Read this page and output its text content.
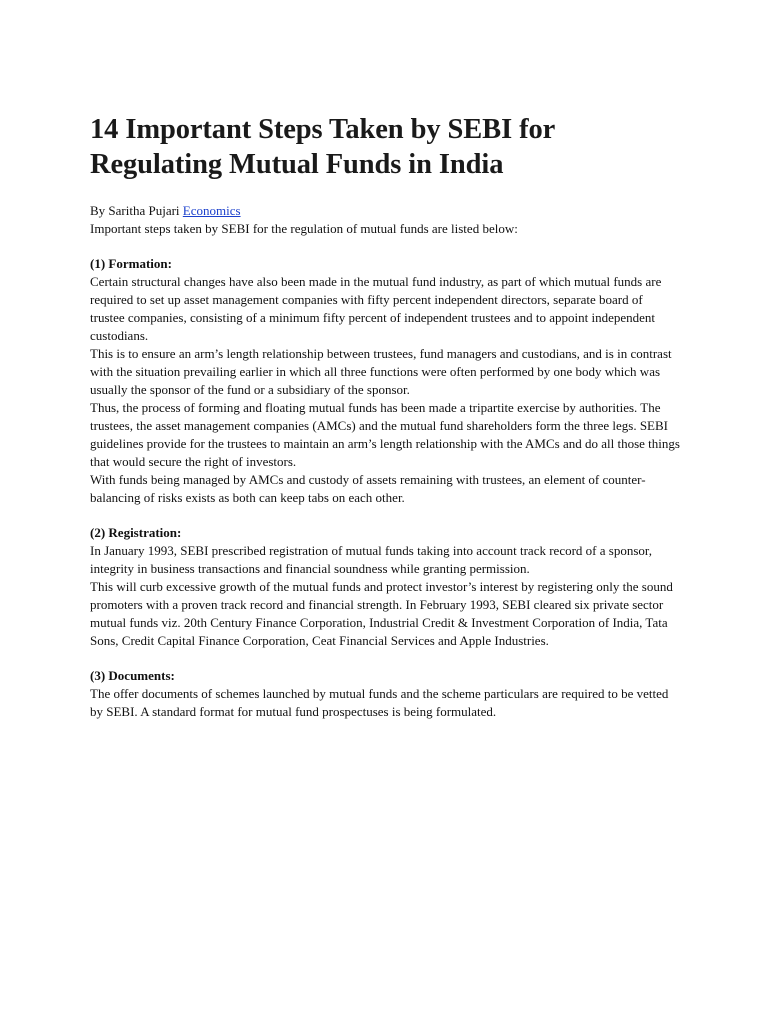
14 Important Steps Taken by SEBI for Regulating Mutual Funds in India
By Saritha Pujari Economics

Important steps taken by SEBI for the regulation of mutual funds are listed below:

(1) Formation:

Certain structural changes have also been made in the mutual fund industry, as part of which mutual funds are required to set up asset management companies with fifty percent independent directors, separate board of trustee companies, consisting of a minimum fifty percent of independent trustees and to appoint independent custodians.

This is to ensure an arm’s length relationship between trustees, fund managers and custodians, and is in contrast with the situation prevailing earlier in which all three functions were often performed by one body which was usually the sponsor of the fund or a subsidiary of the sponsor.

Thus, the process of forming and floating mutual funds has been made a tripartite exercise by authorities. The trustees, the asset management companies (AMCs) and the mutual fund shareholders form the three legs. SEBI guidelines provide for the trustees to maintain an arm’s length relationship with the AMCs and do all those things that would secure the right of investors.

With funds being managed by AMCs and custody of assets remaining with trustees, an element of counter-balancing of risks exists as both can keep tabs on each other.

(2) Registration:

In January 1993, SEBI prescribed registration of mutual funds taking into account track record of a sponsor, integrity in business transactions and financial soundness while granting permission.

This will curb excessive growth of the mutual funds and protect investor’s interest by registering only the sound promoters with a proven track record and financial strength. In February 1993, SEBI cleared six private sector mutual funds viz. 20th Century Finance Corporation, Industrial Credit & Investment Corporation of India, Tata Sons, Credit Capital Finance Corporation, Ceat Financial Services and Apple Industries.

(3) Documents:

The offer documents of schemes launched by mutual funds and the scheme particulars are required to be vetted by SEBI. A standard format for mutual fund prospectuses is being formulated.
